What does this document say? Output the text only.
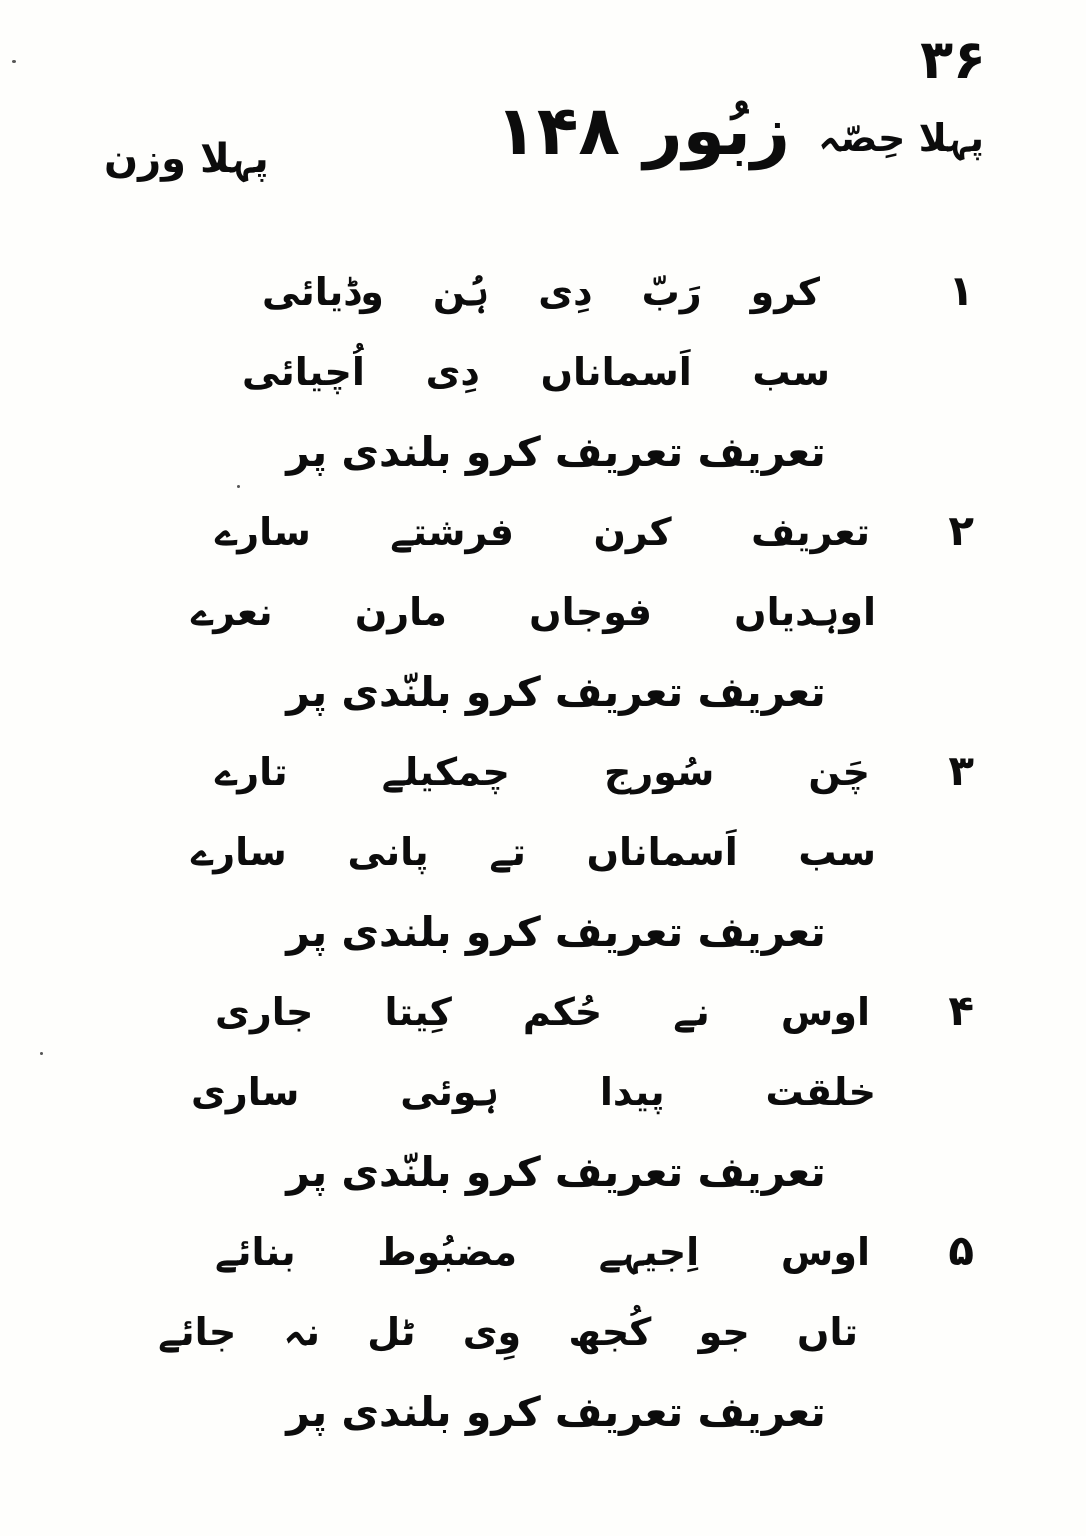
۳۶
پہلا حِصّہ
زبُور ۱۴۸
پہلا وزن
۱
کرو
رَبّ
دِی
ہُن
وڈیائی
سب
اَسماناں
دِی
اُچیائی
تعریف تعریف کرو بلندی پر
۲
تعریف
کرن
فرشتے
سارے
اوہدیاں
فوجاں
مارن
نعرے
تعریف تعریف کرو بلنّدی پر
۳
چَن
سُورج
چمکیلے
تارے
سب
اَسماناں
تے
پانی
سارے
تعریف تعریف کرو بلندی پر
۴
اوس
نے
حُکم
کِیتا
جاری
خلقت
پیدا
ہوئی
ساری
تعریف تعریف کرو بلنّدی پر
۵
اوس
اِجیہے
مضبُوط
بنائے
تاں
جو
کُجھ
وِی
ٹل
نہ
جائے
تعریف تعریف کرو بلندی پر
